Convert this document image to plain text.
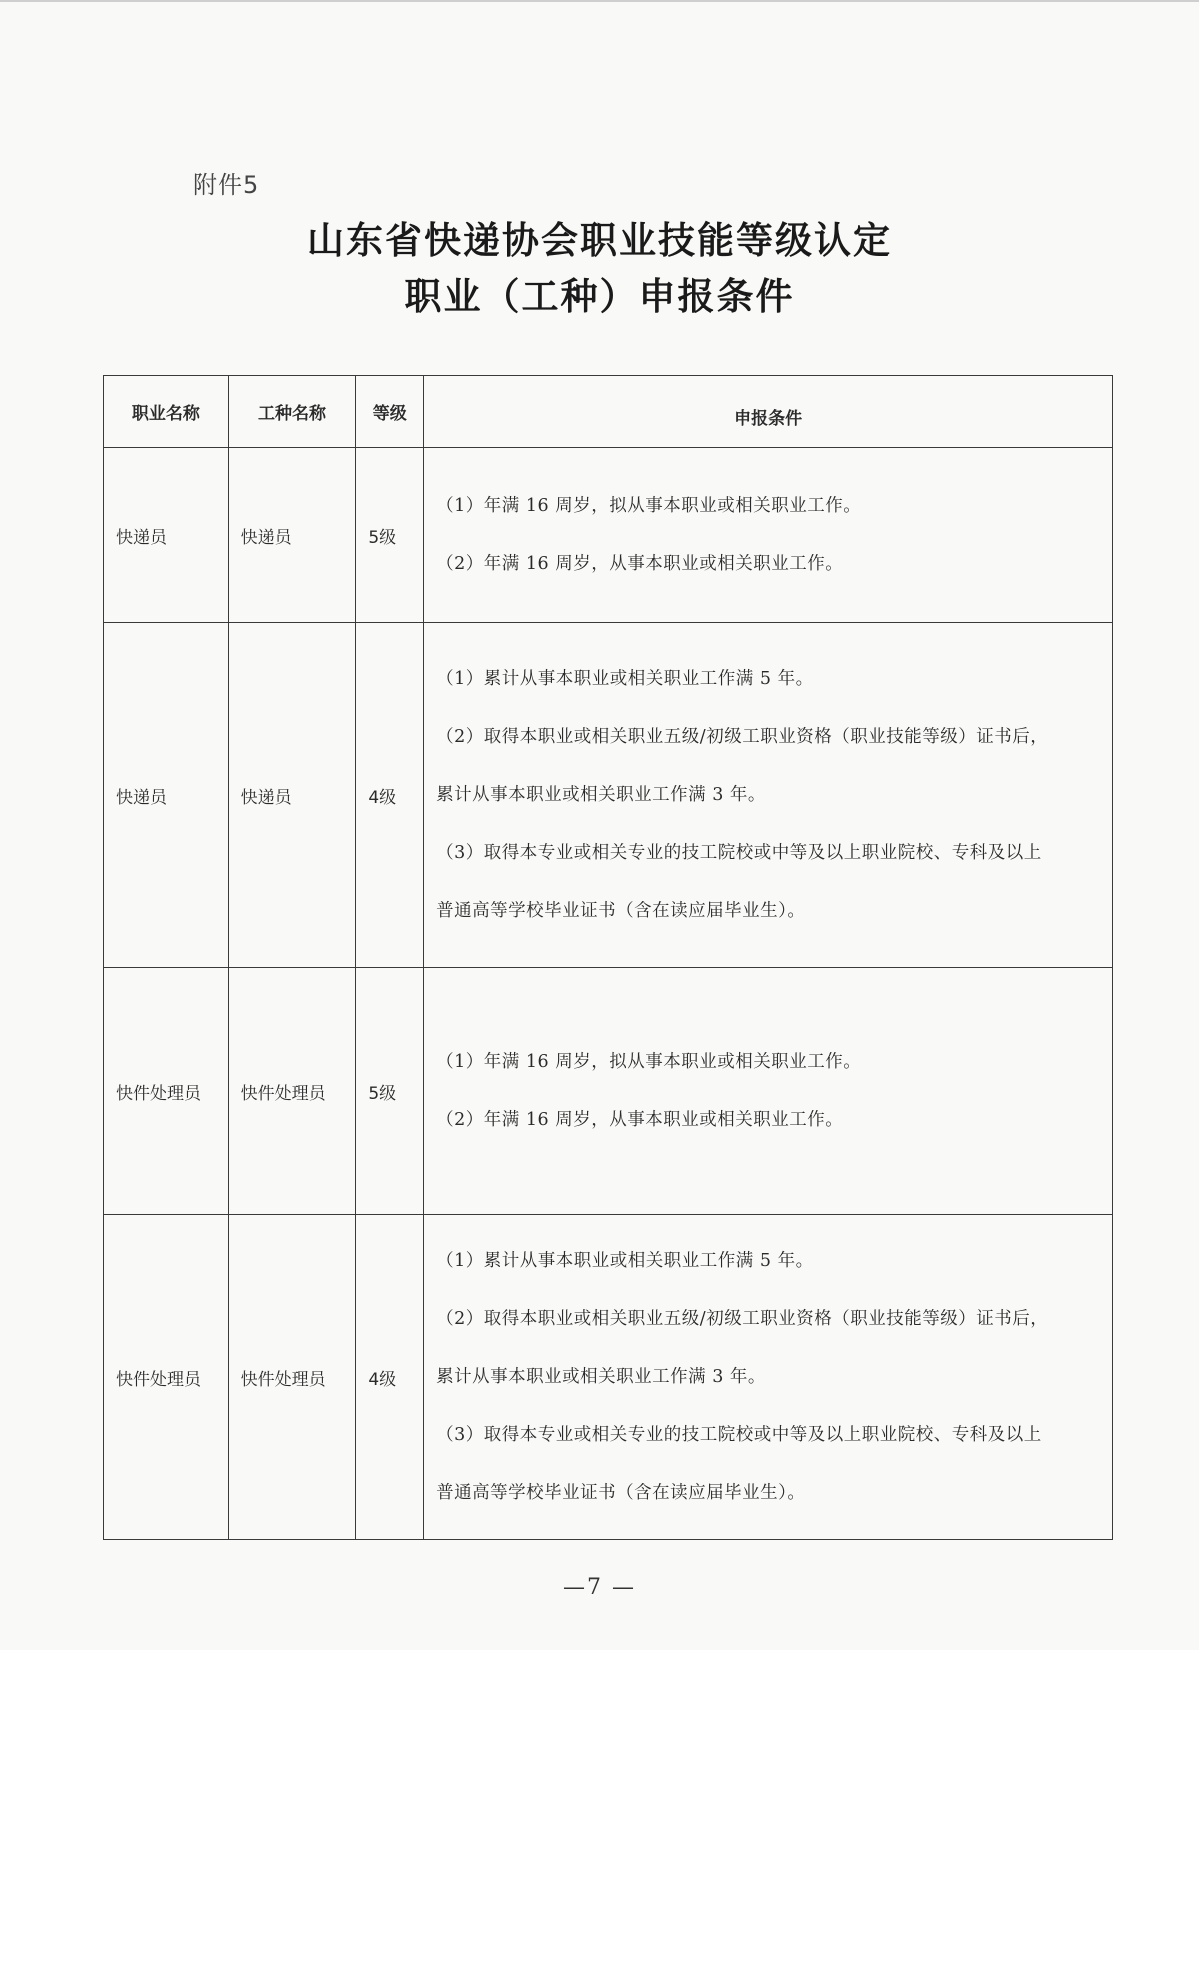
附件5
山东省快递协会职业技能等级认定
职业（工种）申报条件
职业名称	工种名称	等级	申报条件
快递员	快递员	5级	（1）年满 16 周岁，拟从事本职业或相关职业工作。
（2）年满 16 周岁，从事本职业或相关职业工作。

快递员	快递员	4级	（1）累计从事本职业或相关职业工作满 5 年。
（2）取得本职业或相关职业五级/初级工职业资格（职业技能等级）证书后，
累计从事本职业或相关职业工作满 3 年。
（3）取得本专业或相关专业的技工院校或中等及以上职业院校、专科及以上
普通高等学校毕业证书（含在读应届毕业生）。

快件处理员	快件处理员	5级	（1）年满 16 周岁，拟从事本职业或相关职业工作。
（2）年满 16 周岁，从事本职业或相关职业工作。

快件处理员	快件处理员	4级	（1）累计从事本职业或相关职业工作满 5 年。
（2）取得本职业或相关职业五级/初级工职业资格（职业技能等级）证书后，
累计从事本职业或相关职业工作满 3 年。
（3）取得本专业或相关专业的技工院校或中等及以上职业院校、专科及以上
普通高等学校毕业证书（含在读应届毕业生）。
—7 —
